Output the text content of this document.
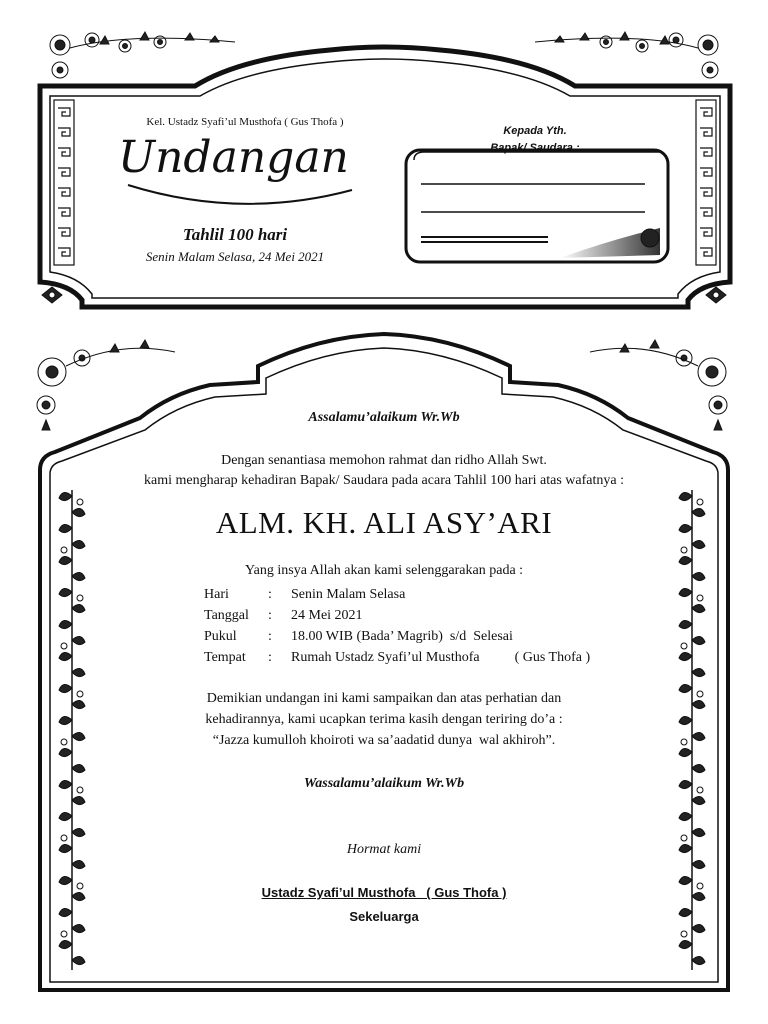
Kel. Ustadz Syafi’ul Musthofa ( Gus Thofa )
Undangan
Tahlil 100 hari
Senin Malam Selasa, 24 Mei 2021
Kepada Yth.
Bapak/ Saudara :
Assalamu’alaikum Wr.Wb
Dengan senantiasa memohon rahmat dan ridho Allah Swt.
kami mengharap kehadiran Bapak/ Saudara pada acara Tahlil 100 hari atas wafatnya :
ALM. KH. ALI ASY’ARI
Yang insya Allah akan kami selenggarakan pada :
Hari	:	Senin Malam Selasa
Tanggal	:	24 Mei 2021
Pukul	:	18.00 WIB (Bada’ Magrib)  s/d  Selesai
Tempat	:	Rumah Ustadz Syafi’ul Musthofa          ( Gus Thofa )
Demikian undangan ini kami sampaikan dan atas perhatian dan
kehadirannya, kami ucapkan terima kasih dengan teriring do’a :
“Jazza kumulloh khoiroti wa sa’aadatid dunya  wal akhiroh”.
Wassalamu’alaikum Wr.Wb
Hormat kami
Ustadz Syafi’ul Musthofa   ( Gus Thofa )
Sekeluarga
